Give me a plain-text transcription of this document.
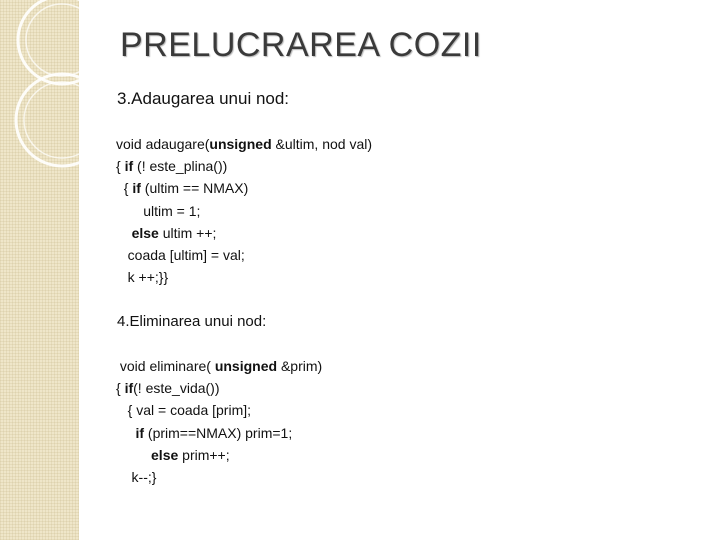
PRELUCRAREA COZII
3.Adaugarea unui nod:
void adaugare(unsigned &ultim, nod val)
{ if (! este_plina())
{ if (ultim == NMAX)
ultim = 1;
else ultim ++;
coada [ultim] = val;
k ++;}}
4.Eliminarea unui nod:
void eliminare( unsigned &prim)
{ if(! este_vida())
{ val = coada [prim];
if (prim==NMAX) prim=1;
else prim++;
k--;}
